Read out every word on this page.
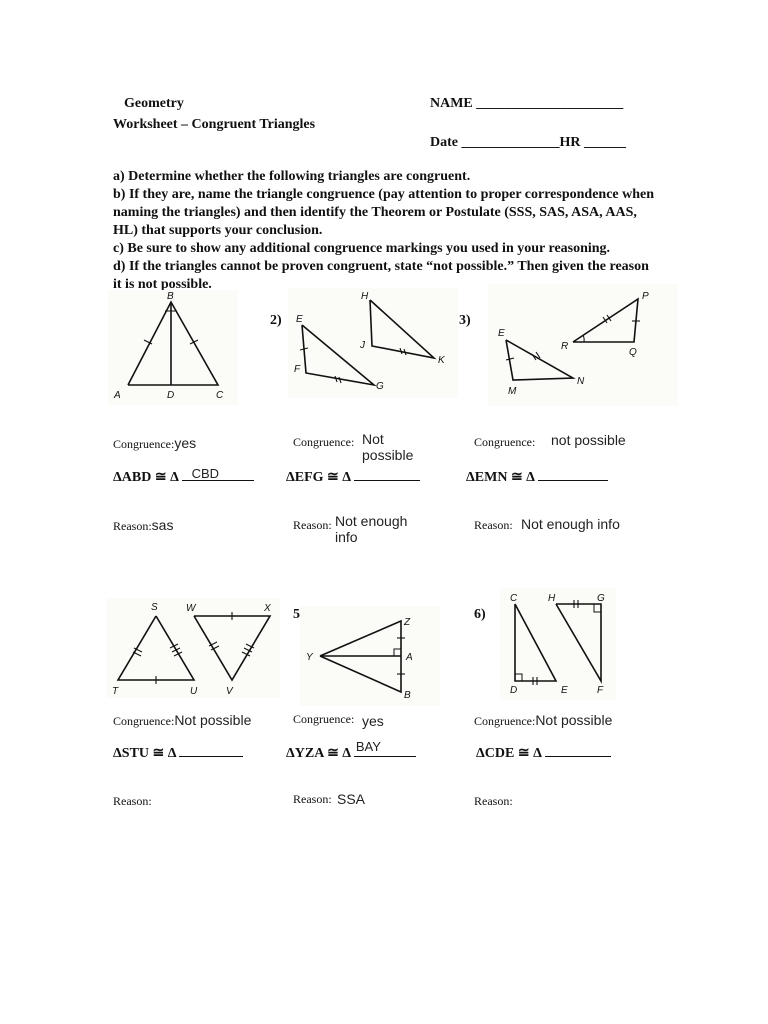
Geometry
Worksheet – Congruent Triangles
NAME _____________________
Date ______________HR ______
a) Determine whether the following triangles are congruent.
b) If they are, name the triangle congruence (pay attention to proper correspondence when naming the triangles) and then identify the Theorem or Postulate (SSS, SAS, ASA, AAS, HL) that supports your conclusion.
c) Be sure to show any additional congruence markings you used in your reasoning.
d) If the triangles cannot be proven congruent, state “not possible.” Then given the reason it is not possible.
1)
B
A	D	C
Congruence:yes
ΔABD ≅ Δ CBD
Reason:sas
2) E
F
G
H
J
K
Congruence: Not possible
ΔEFG ≅ Δ
Reason: Not enough info
3)
E
M
N
P
R
Q
Congruence: not possible
ΔEMN ≅ Δ
Reason: Not enough info
4)	S
T	U
W	X
V
Congruence:Not possible
ΔSTU ≅ Δ
Reason:
5)
Z
Y	A
B
Congruence: yes
ΔYZA ≅ Δ BAY
Reason: SSA
6)
C	H	G
D	E	F
Congruence:Not possible
ΔCDE ≅ Δ
Reason:
